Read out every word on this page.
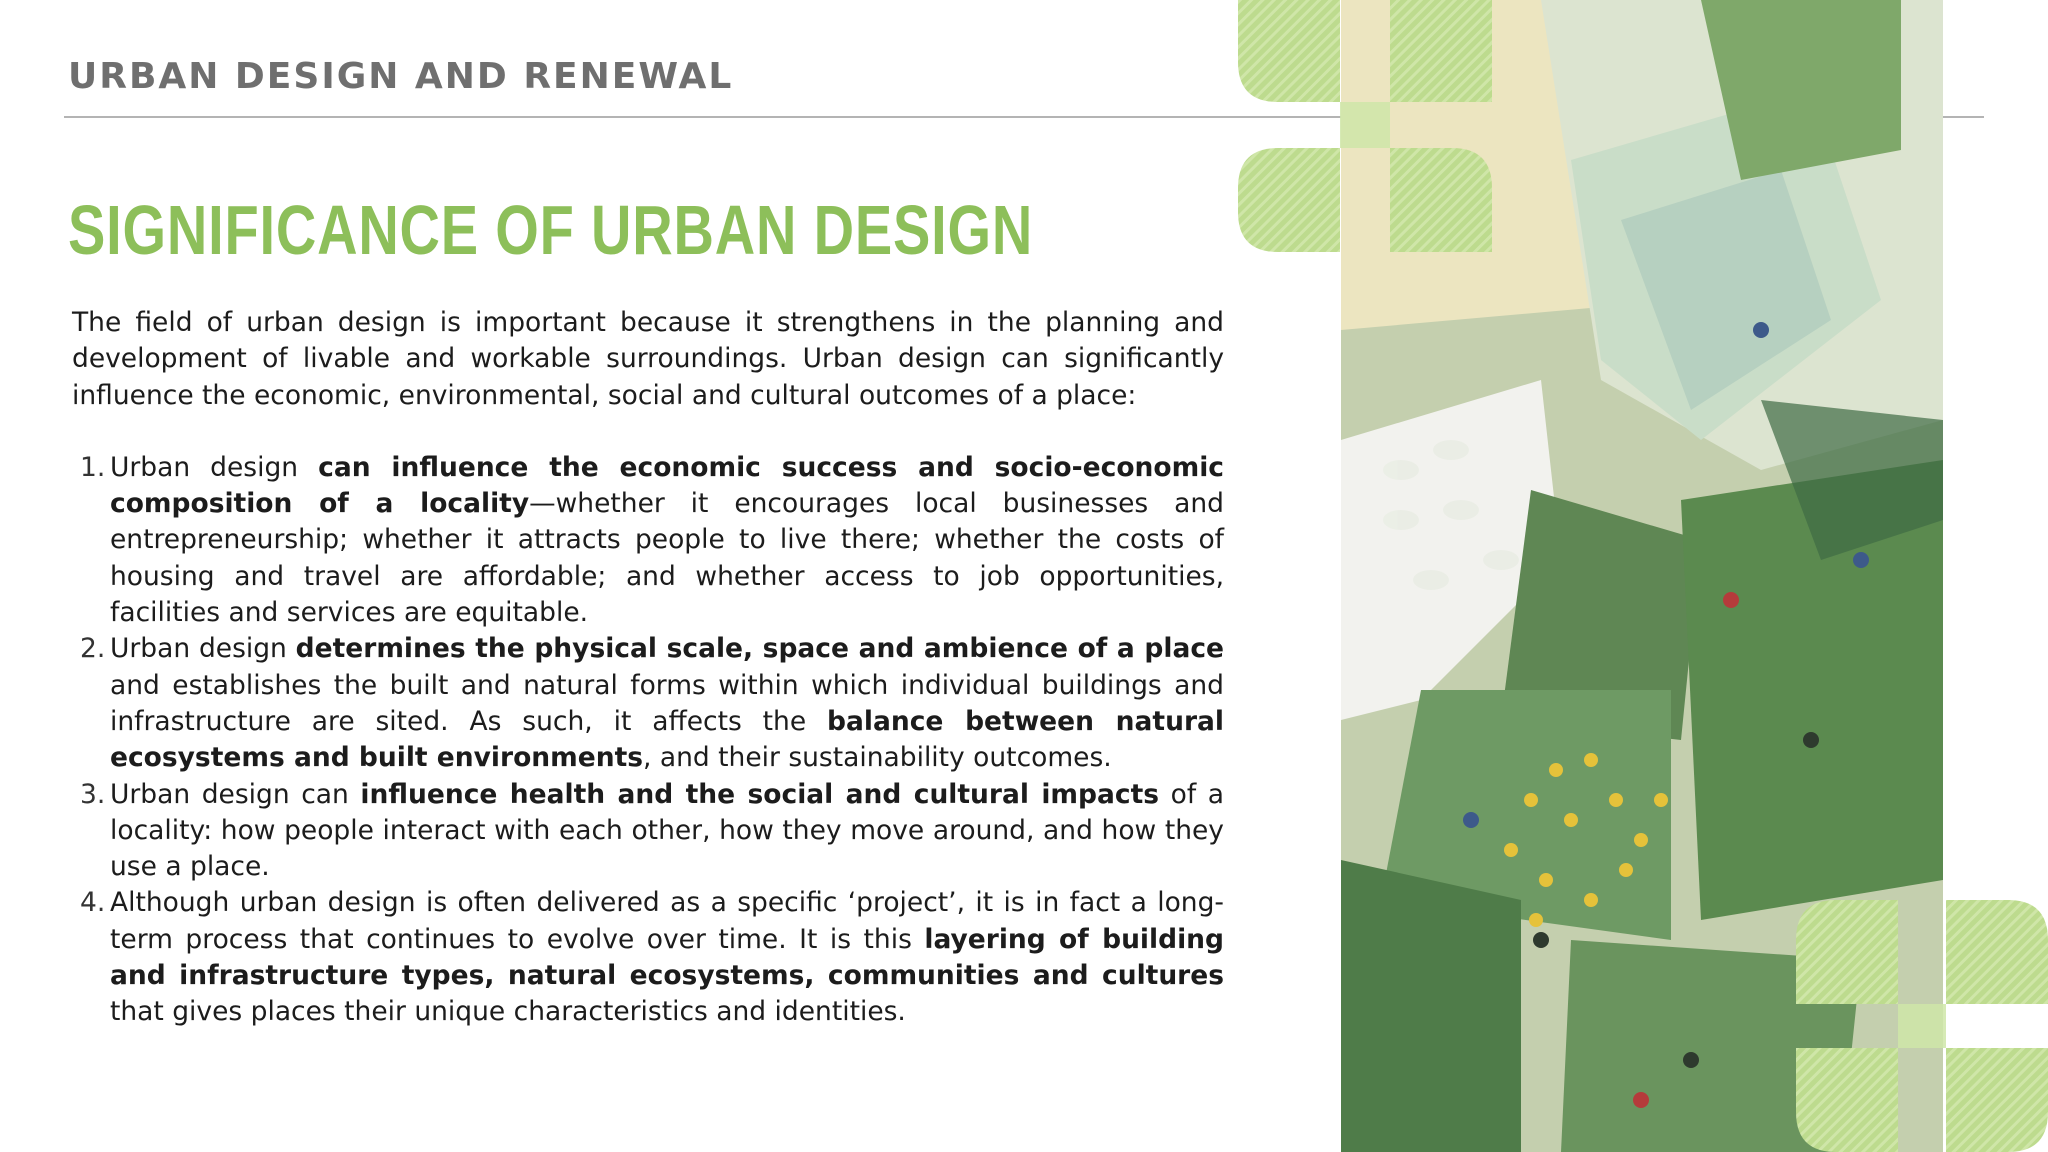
URBAN DESIGN AND RENEWAL
SIGNIFICANCE OF URBAN DESIGN

The field of urban design is important because it strengthens in the planning and development of livable and workable surroundings. Urban design can significantly influence the economic, environmental, social and cultural outcomes of a place:

1. Urban design can influence the economic success and socio-economic composition of a locality—whether it encourages local businesses and entrepreneurship; whether it attracts people to live there; whether the costs of housing and travel are affordable; and whether access to job opportunities, facilities and services are equitable.
2. Urban design determines the physical scale, space and ambience of a place and establishes the built and natural forms within which individual buildings and infrastructure are sited. As such, it affects the balance between natural ecosystems and built environments, and their sustainability outcomes.
3. Urban design can influence health and the social and cultural impacts of a locality: how people interact with each other, how they move around, and how they use a place.
4. Although urban design is often delivered as a specific ‘project’, it is in fact a long-term process that continues to evolve over time. It is this layering of building and infrastructure types, natural ecosystems, communities and cultures that gives places their unique characteristics and identities.
